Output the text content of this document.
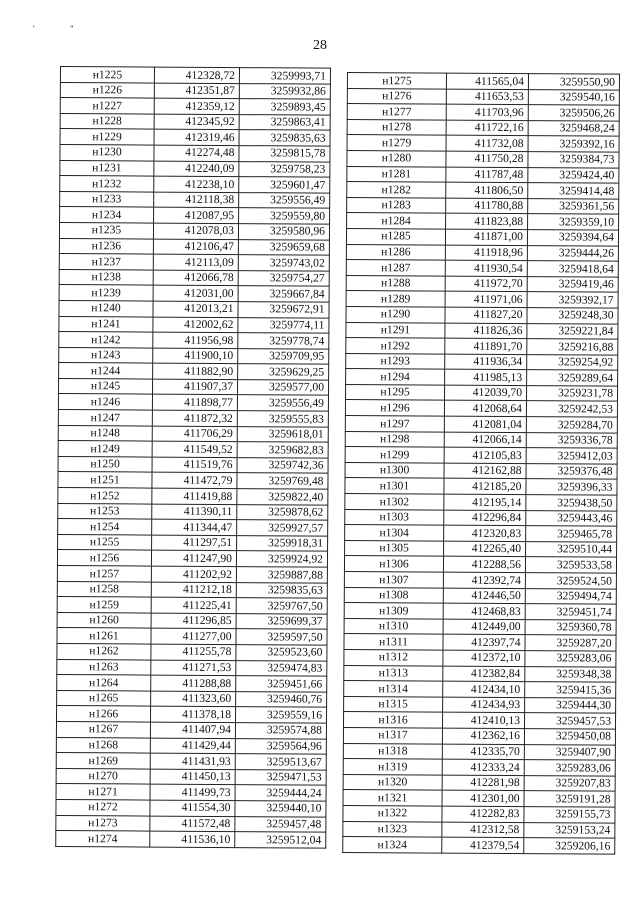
'	"
28
н1225	412328,72	3259993,71
н1226	412351,87	3259932,86
н1227	412359,12	3259893,45
н1228	412345,92	3259863,41
н1229	412319,46	3259835,63
н1230	412274,48	3259815,78
н1231	412240,09	3259758,23
н1232	412238,10	3259601,47
н1233	412118,38	3259556,49
н1234	412087,95	3259559,80
н1235	412078,03	3259580,96
н1236	412106,47	3259659,68
н1237	412113,09	3259743,02
н1238	412066,78	3259754,27
н1239	412031,00	3259667,84
н1240	412013,21	3259672,91
н1241	412002,62	3259774,11
н1242	411956,98	3259778,74
н1243	411900,10	3259709,95
н1244	411882,90	3259629,25
н1245	411907,37	3259577,00
н1246	411898,77	3259556,49
н1247	411872,32	3259555,83
н1248	411706,29	3259618,01
н1249	411549,52	3259682,83
н1250	411519,76	3259742,36
н1251	411472,79	3259769,48
н1252	411419,88	3259822,40
н1253	411390,11	3259878,62
н1254	411344,47	3259927,57
н1255	411297,51	3259918,31
н1256	411247,90	3259924,92
н1257	411202,92	3259887,88
н1258	411212,18	3259835,63
н1259	411225,41	3259767,50
н1260	411296,85	3259699,37
н1261	411277,00	3259597,50
н1262	411255,78	3259523,60
н1263	411271,53	3259474,83
н1264	411288,88	3259451,66
н1265	411323,60	3259460,76
н1266	411378,18	3259559,16
н1267	411407,94	3259574,88
н1268	411429,44	3259564,96
н1269	411431,93	3259513,67
н1270	411450,13	3259471,53
н1271	411499,73	3259444,24
н1272	411554,30	3259440,10
н1273	411572,48	3259457,48
н1274	411536,10	3259512,04
н1275	411565,04	3259550,90
н1276	411653,53	3259540,16
н1277	411703,96	3259506,26
н1278	411722,16	3259468,24
н1279	411732,08	3259392,16
н1280	411750,28	3259384,73
н1281	411787,48	3259424,40
н1282	411806,50	3259414,48
н1283	411780,88	3259361,56
н1284	411823,88	3259359,10
н1285	411871,00	3259394,64
н1286	411918,96	3259444,26
н1287	411930,54	3259418,64
н1288	411972,70	3259419,46
н1289	411971,06	3259392,17
н1290	411827,20	3259248,30
н1291	411826,36	3259221,84
н1292	411891,70	3259216,88
н1293	411936,34	3259254,92
н1294	411985,13	3259289,64
н1295	412039,70	3259231,78
н1296	412068,64	3259242,53
н1297	412081,04	3259284,70
н1298	412066,14	3259336,78
н1299	412105,83	3259412,03
н1300	412162,88	3259376,48
н1301	412185,20	3259396,33
н1302	412195,14	3259438,50
н1303	412296,84	3259443,46
н1304	412320,83	3259465,78
н1305	412265,40	3259510,44
н1306	412288,56	3259533,58
н1307	412392,74	3259524,50
н1308	412446,50	3259494,74
н1309	412468,83	3259451,74
н1310	412449,00	3259360,78
н1311	412397,74	3259287,20
н1312	412372,10	3259283,06
н1313	412382,84	3259348,38
н1314	412434,10	3259415,36
н1315	412434,93	3259444,30
н1316	412410,13	3259457,53
н1317	412362,16	3259450,08
н1318	412335,70	3259407,90
н1319	412333,24	3259283,06
н1320	412281,98	3259207,83
н1321	412301,00	3259191,28
н1322	412282,83	3259155,73
н1323	412312,58	3259153,24
н1324	412379,54	3259206,16
